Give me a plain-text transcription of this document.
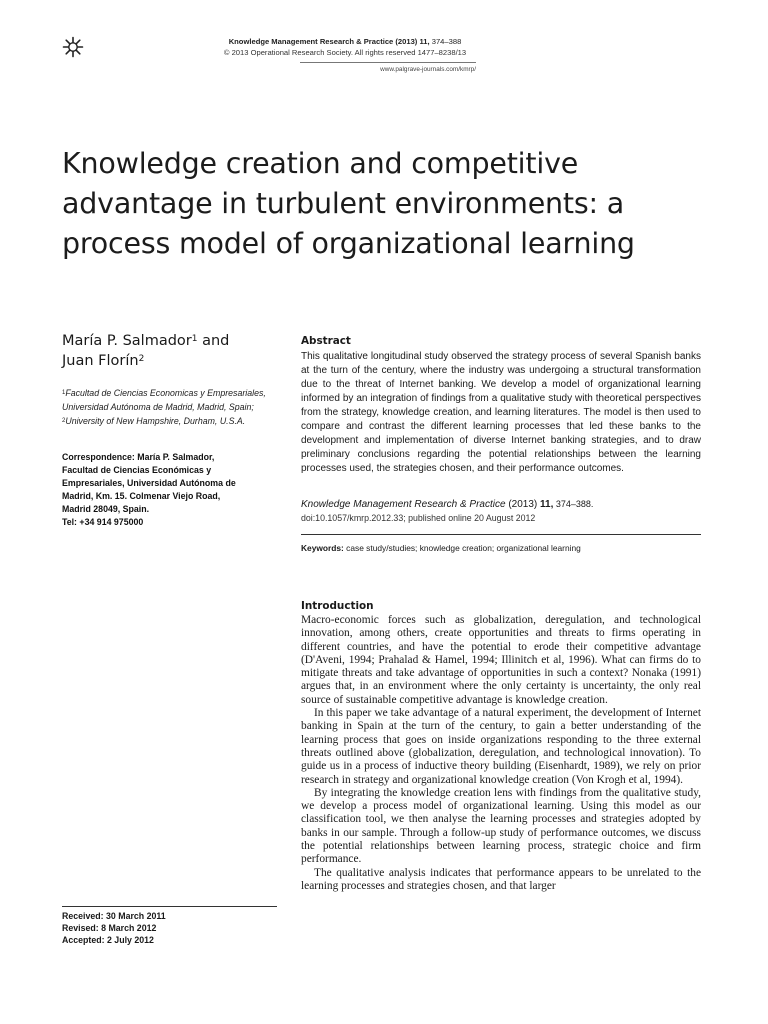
Knowledge Management Research & Practice (2013) 11, 374–388
© 2013 Operational Research Society. All rights reserved 1477–8238/13
www.palgrave-journals.com/kmrp/
Knowledge creation and competitive advantage in turbulent environments: a process model of organizational learning
María P. Salmador$^1$ and
Juan Florín$^2$
$^1$Facultad de Ciencias Economicas y Empresariales, Universidad Autónoma de Madrid, Madrid, Spain; $^2$University of New Hampshire, Durham, U.S.A.
Correspondence: María P. Salmador,
Facultad de Ciencias Económicas y
Empresariales, Universidad Autónoma de
Madrid, Km. 15. Colmenar Viejo Road,
Madrid 28049, Spain.
Tel: +34 914 975000
Abstract
This qualitative longitudinal study observed the strategy process of several Spanish banks at the turn of the century, where the industry was undergoing a structural transformation due to the threat of Internet banking. We develop a model of organizational learning informed by an integration of findings from a qualitative study with theoretical perspectives from the strategy, knowledge creation, and learning literatures. The model is then used to compare and contrast the different learning processes that led these banks to the development and implementation of diverse Internet banking strategies, and to draw preliminary conclusions regarding the potential relationships between the learning processes used, the strategies chosen, and their performance outcomes.
Knowledge Management Research & Practice (2013) 11, 374–388.
doi:10.1057/kmrp.2012.33; published online 20 August 2012
Keywords: case study/studies; knowledge creation; organizational learning
Introduction

Macro-economic forces such as globalization, deregulation, and technological innovation, among others, create opportunities and threats to firms operating in different countries, and have the potential to erode their competitive advantage (D'Aveni, 1994; Prahalad & Hamel, 1994; Illinitch et al, 1996). What can firms do to mitigate threats and take advantage of opportunities in such a context? Nonaka (1991) argues that, in an environment where the only certainty is uncertainty, the only real source of sustainable competitive advantage is knowledge creation.

In this paper we take advantage of a natural experiment, the development of Internet banking in Spain at the turn of the century, to gain a better understanding of the learning process that goes on inside organizations responding to the three external threats outlined above (globalization, deregulation, and technological innovation). To guide us in a process of inductive theory building (Eisenhardt, 1989), we rely on prior research in strategy and organizational knowledge creation (Von Krogh et al, 1994).

By integrating the knowledge creation lens with findings from the qualitative study, we develop a process model of organizational learning. Using this model as our classification tool, we then analyse the learning processes and strategies adopted by banks in our sample. Through a follow-up study of performance outcomes, we discuss the potential relationships between learning process, strategic choice and firm performance.

The qualitative analysis indicates that performance appears to be unrelated to the learning processes and strategies chosen, and that larger

Received: 30 March 2011
Revised: 8 March 2012
Accepted: 2 July 2012
